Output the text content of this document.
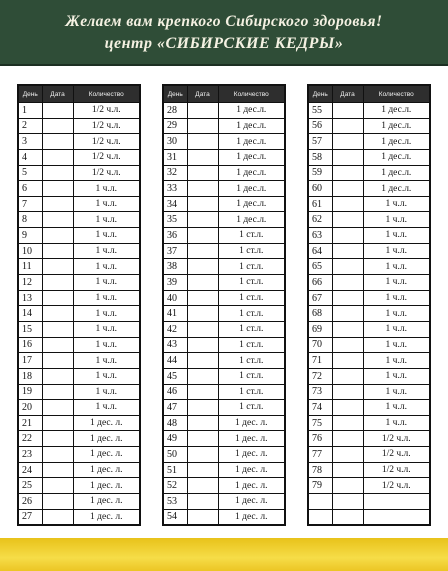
Желаем вам крепкого Сибирского здоровья!
центр «СИБИРСКИЕ КЕДРЫ»
День	Дата	Количество
1		1/2 ч.л.
2		1/2 ч.л.
3		1/2 ч.л.
4		1/2 ч.л.
5		1/2 ч.л.
6		1 ч.л.
7		1 ч.л.
8		1 ч.л.
9		1 ч.л.
10		1 ч.л.
11		1 ч.л.
12		1 ч.л.
13		1 ч.л.
14		1 ч.л.
15		1 ч.л.
16		1 ч.л.
17		1 ч.л.
18		1 ч.л.
19		1 ч.л.
20		1 ч.л.
21		1 дес. л.
22		1 дес. л.
23		1 дес. л.
24		1 дес. л.
25		1 дес. л.
26		1 дес. л.
27		1 дес. л.
День	Дата	Количество
28		1 дес.л.
29		1 дес.л.
30		1 дес.л.
31		1 дес.л.
32		1 дес.л.
33		1 дес.л.
34		1 дес.л.
35		1 дес.л.
36		1 ст.л.
37		1 ст.л.
38		1 ст.л.
39		1 ст.л.
40		1 ст.л.
41		1 ст.л.
42		1 ст.л.
43		1 ст.л.
44		1 ст.л.
45		1 ст.л.
46		1 ст.л.
47		1 ст.л.
48		1 дес. л.
49		1 дес. л.
50		1 дес. л.
51		1 дес. л.
52		1 дес. л.
53		1 дес. л.
54		1 дес. л.
День	Дата	Количество
55		1 дес.л.
56		1 дес.л.
57		1 дес.л.
58		1 дес.л.
59		1 дес.л.
60		1 дес.л.
61		1 ч.л.
62		1 ч.л.
63		1 ч.л.
64		1 ч.л.
65		1 ч.л.
66		1 ч.л.
67		1 ч.л.
68		1 ч.л.
69		1 ч.л.
70		1 ч.л.
71		1 ч.л.
72		1 ч.л.
73		1 ч.л.
74		1 ч.л.
75		1 ч.л.
76		1/2 ч.л.
77		1/2 ч.л.
78		1/2 ч.л.
79		1/2 ч.л.
